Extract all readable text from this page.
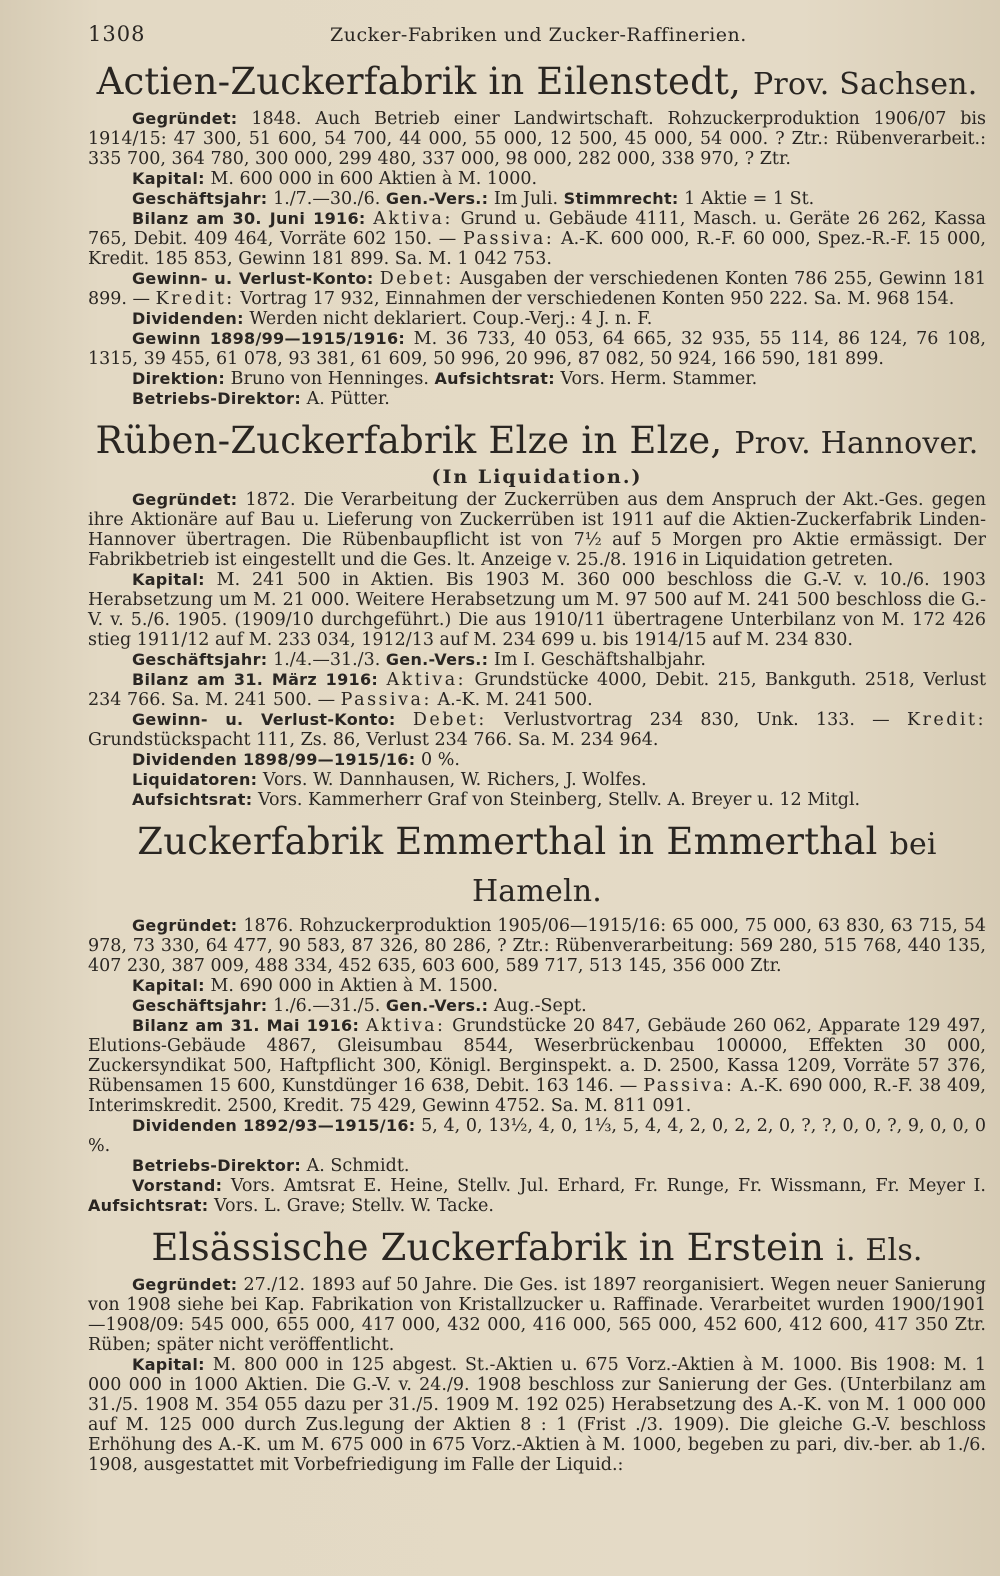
1308	Zucker-Fabriken und Zucker-Raffinerien.
Actien-Zuckerfabrik in Eilenstedt, Prov. Sachsen.

Gegründet: 1848. Auch Betrieb einer Landwirtschaft. Rohzuckerproduktion 1906/07 bis 1914/15: 47 300, 51 600, 54 700, 44 000, 55 000, 12 500, 45 000, 54 000. ? Ztr.: Rübenverarbeit.: 335 700, 364 780, 300 000, 299 480, 337 000, 98 000, 282 000, 338 970, ? Ztr.

Kapital: M. 600 000 in 600 Aktien à M. 1000.

Geschäftsjahr: 1./7.—30./6. Gen.-Vers.: Im Juli. Stimmrecht: 1 Aktie = 1 St.

Bilanz am 30. Juni 1916: Aktiva: Grund u. Gebäude 4111, Masch. u. Geräte 26 262, Kassa 765, Debit. 409 464, Vorräte 602 150. — Passiva: A.-K. 600 000, R.-F. 60 000, Spez.-R.-F. 15 000, Kredit. 185 853, Gewinn 181 899. Sa. M. 1 042 753.

Gewinn- u. Verlust-Konto: Debet: Ausgaben der verschiedenen Konten 786 255, Gewinn 181 899. — Kredit: Vortrag 17 932, Einnahmen der verschiedenen Konten 950 222. Sa. M. 968 154.

Dividenden: Werden nicht deklariert. Coup.-Verj.: 4 J. n. F.

Gewinn 1898/99—1915/1916: M. 36 733, 40 053, 64 665, 32 935, 55 114, 86 124, 76 108, 1315, 39 455, 61 078, 93 381, 61 609, 50 996, 20 996, 87 082, 50 924, 166 590, 181 899.

Direktion: Bruno von Henninges. Aufsichtsrat: Vors. Herm. Stammer.

Betriebs-Direktor: A. Pütter.

Rüben-Zuckerfabrik Elze in Elze, Prov. Hannover.
(In Liquidation.)

Gegründet: 1872. Die Verarbeitung der Zuckerrüben aus dem Anspruch der Akt.-Ges. gegen ihre Aktionäre auf Bau u. Lieferung von Zuckerrüben ist 1911 auf die Aktien-Zuckerfabrik Linden-Hannover übertragen. Die Rübenbaupflicht ist von 7½ auf 5 Morgen pro Aktie ermässigt. Der Fabrikbetrieb ist eingestellt und die Ges. lt. Anzeige v. 25./8. 1916 in Liquidation getreten.

Kapital: M. 241 500 in Aktien. Bis 1903 M. 360 000 beschloss die G.-V. v. 10./6. 1903 Herabsetzung um M. 21 000. Weitere Herabsetzung um M. 97 500 auf M. 241 500 beschloss die G.-V. v. 5./6. 1905. (1909/10 durchgeführt.) Die aus 1910/11 übertragene Unterbilanz von M. 172 426 stieg 1911/12 auf M. 233 034, 1912/13 auf M. 234 699 u. bis 1914/15 auf M. 234 830.

Geschäftsjahr: 1./4.—31./3. Gen.-Vers.: Im I. Geschäftshalbjahr.

Bilanz am 31. März 1916: Aktiva: Grundstücke 4000, Debit. 215, Bankguth. 2518, Verlust 234 766. Sa. M. 241 500. — Passiva: A.-K. M. 241 500.

Gewinn- u. Verlust-Konto: Debet: Verlustvortrag 234 830, Unk. 133. — Kredit: Grundstückspacht 111, Zs. 86, Verlust 234 766. Sa. M. 234 964.

Dividenden 1898/99—1915/16: 0 %.

Liquidatoren: Vors. W. Dannhausen, W. Richers, J. Wolfes.

Aufsichtsrat: Vors. Kammerherr Graf von Steinberg, Stellv. A. Breyer u. 12 Mitgl.

Zuckerfabrik Emmerthal in Emmerthal bei Hameln.

Gegründet: 1876. Rohzuckerproduktion 1905/06—1915/16: 65 000, 75 000, 63 830, 63 715, 54 978, 73 330, 64 477, 90 583, 87 326, 80 286, ? Ztr.: Rübenverarbeitung: 569 280, 515 768, 440 135, 407 230, 387 009, 488 334, 452 635, 603 600, 589 717, 513 145, 356 000 Ztr.

Kapital: M. 690 000 in Aktien à M. 1500.

Geschäftsjahr: 1./6.—31./5. Gen.-Vers.: Aug.-Sept.

Bilanz am 31. Mai 1916: Aktiva: Grundstücke 20 847, Gebäude 260 062, Apparate 129 497, Elutions-Gebäude 4867, Gleisumbau 8544, Weserbrückenbau 100000, Effekten 30 000, Zuckersyndikat 500, Haftpflicht 300, Königl. Berginspekt. a. D. 2500, Kassa 1209, Vorräte 57 376, Rübensamen 15 600, Kunstdünger 16 638, Debit. 163 146. — Passiva: A.-K. 690 000, R.-F. 38 409, Interimskredit. 2500, Kredit. 75 429, Gewinn 4752. Sa. M. 811 091.

Dividenden 1892/93—1915/16: 5, 4, 0, 13½, 4, 0, 1⅓, 5, 4, 4, 2, 0, 2, 2, 0, ?, ?, 0, 0, ?, 9, 0, 0, 0 %.

Betriebs-Direktor: A. Schmidt.

Vorstand: Vors. Amtsrat E. Heine, Stellv. Jul. Erhard, Fr. Runge, Fr. Wissmann, Fr. Meyer I. Aufsichtsrat: Vors. L. Grave; Stellv. W. Tacke.

Elsässische Zuckerfabrik in Erstein i. Els.

Gegründet: 27./12. 1893 auf 50 Jahre. Die Ges. ist 1897 reorganisiert. Wegen neuer Sanierung von 1908 siehe bei Kap. Fabrikation von Kristallzucker u. Raffinade. Verarbeitet wurden 1900/1901—1908/09: 545 000, 655 000, 417 000, 432 000, 416 000, 565 000, 452 600, 412 600, 417 350 Ztr. Rüben; später nicht veröffentlicht.

Kapital: M. 800 000 in 125 abgest. St.-Aktien u. 675 Vorz.-Aktien à M. 1000. Bis 1908: M. 1 000 000 in 1000 Aktien. Die G.-V. v. 24./9. 1908 beschloss zur Sanierung der Ges. (Unterbilanz am 31./5. 1908 M. 354 055 dazu per 31./5. 1909 M. 192 025) Herabsetzung des A.-K. von M. 1 000 000 auf M. 125 000 durch Zus.legung der Aktien 8 : 1 (Frist ./3. 1909). Die gleiche G.-V. beschloss Erhöhung des A.-K. um M. 675 000 in 675 Vorz.-Aktien à M. 1000, begeben zu pari, div.-ber. ab 1./6. 1908, ausgestattet mit Vorbefriedigung im Falle der Liquid.:
